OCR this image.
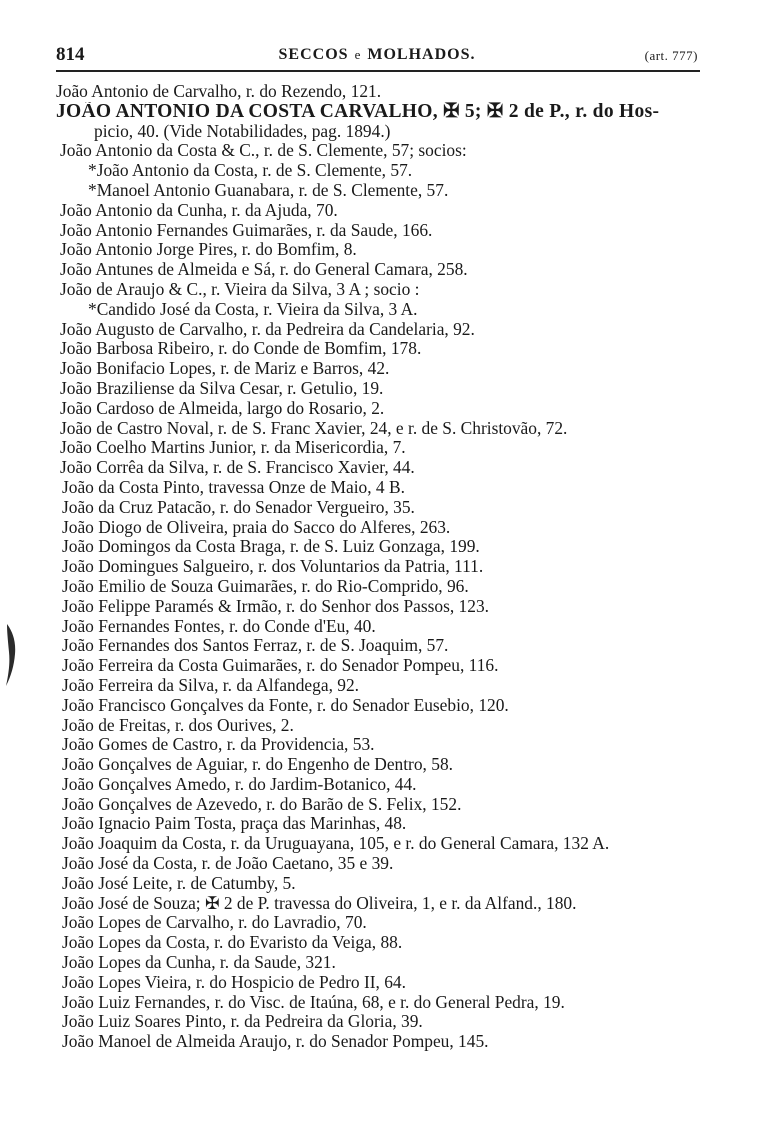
814	SECCOS e MOLHADOS.	(art. 777)
João Antonio de Carvalho, r. do Rezendo, 121.
JOÃO ANTONIO DA COSTA CARVALHO, ✠ 5; ✠ 2 de P., r. do Hos-
picio, 40. (Vide Notabilidades, pag. 1894.)
João Antonio da Costa & C., r. de S. Clemente, 57; socios:
*João Antonio da Costa, r. de S. Clemente, 57.
*Manoel Antonio Guanabara, r. de S. Clemente, 57.
João Antonio da Cunha, r. da Ajuda, 70.
João Antonio Fernandes Guimarães, r. da Saude, 166.
João Antonio Jorge Pires, r. do Bomfim, 8.
João Antunes de Almeida e Sá, r. do General Camara, 258.
João de Araujo & C., r. Vieira da Silva, 3 A ; socio :
*Candido José da Costa, r. Vieira da Silva, 3 A.
João Augusto de Carvalho, r. da Pedreira da Candelaria, 92.
João Barbosa Ribeiro, r. do Conde de Bomfim, 178.
João Bonifacio Lopes, r. de Mariz e Barros, 42.
João Braziliense da Silva Cesar, r. Getulio, 19.
João Cardoso de Almeida, largo do Rosario, 2.
João de Castro Noval, r. de S. Franc Xavier, 24, e r. de S. Christovão, 72.
João Coelho Martins Junior, r. da Misericordia, 7.
João Corrêa da Silva, r. de S. Francisco Xavier, 44.
João da Costa Pinto, travessa Onze de Maio, 4 B.
João da Cruz Patacão, r. do Senador Vergueiro, 35.
João Diogo de Oliveira, praia do Sacco do Alferes, 263.
João Domingos da Costa Braga, r. de S. Luiz Gonzaga, 199.
João Domingues Salgueiro, r. dos Voluntarios da Patria, 111.
João Emilio de Souza Guimarães, r. do Rio-Comprido, 96.
João Felippe Paramés & Irmão, r. do Senhor dos Passos, 123.
João Fernandes Fontes, r. do Conde d'Eu, 40.
João Fernandes dos Santos Ferraz, r. de S. Joaquim, 57.
João Ferreira da Costa Guimarães, r. do Senador Pompeu, 116.
João Ferreira da Silva, r. da Alfandega, 92.
João Francisco Gonçalves da Fonte, r. do Senador Eusebio, 120.
João de Freitas, r. dos Ourives, 2.
João Gomes de Castro, r. da Providencia, 53.
João Gonçalves de Aguiar, r. do Engenho de Dentro, 58.
João Gonçalves Amedo, r. do Jardim-Botanico, 44.
João Gonçalves de Azevedo, r. do Barão de S. Felix, 152.
João Ignacio Paim Tosta, praça das Marinhas, 48.
João Joaquim da Costa, r. da Uruguayana, 105, e r. do General Camara, 132 A.
João José da Costa, r. de João Caetano, 35 e 39.
João José Leite, r. de Catumby, 5.
João José de Souza; ✠ 2 de P. travessa do Oliveira, 1, e r. da Alfand., 180.
João Lopes de Carvalho, r. do Lavradio, 70.
João Lopes da Costa, r. do Evaristo da Veiga, 88.
João Lopes da Cunha, r. da Saude, 321.
João Lopes Vieira, r. do Hospicio de Pedro II, 64.
João Luiz Fernandes, r. do Visc. de Itaúna, 68, e r. do General Pedra, 19.
João Luiz Soares Pinto, r. da Pedreira da Gloria, 39.
João Manoel de Almeida Araujo, r. do Senador Pompeu, 145.
